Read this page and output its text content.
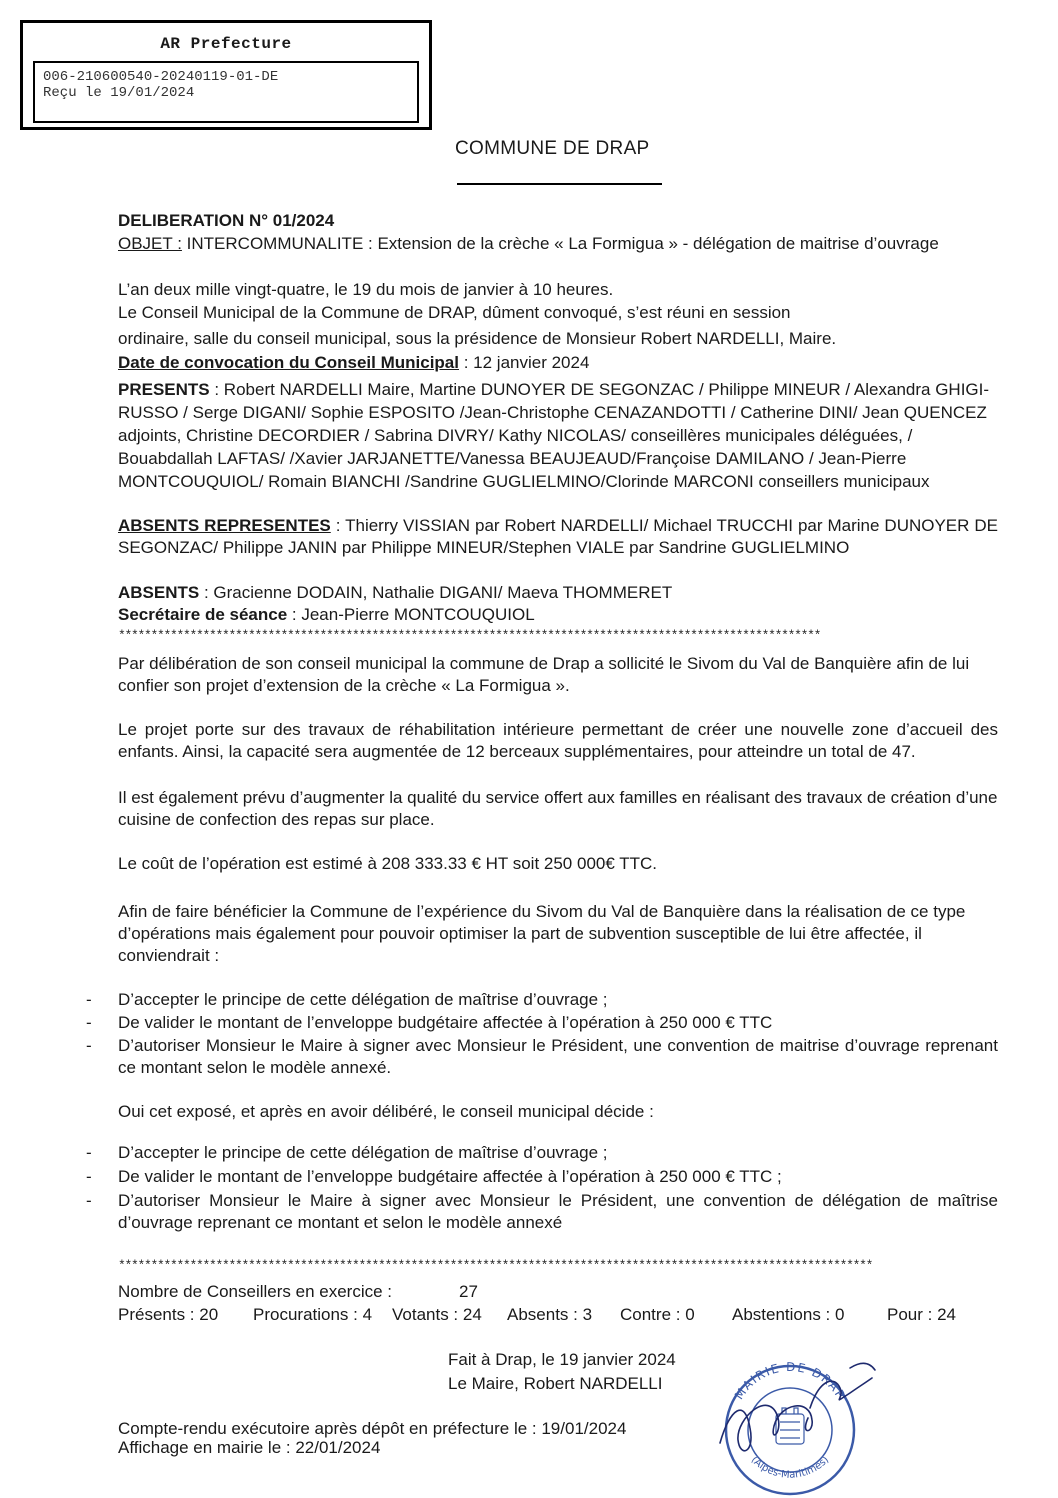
AR Prefecture
006-210600540-20240119-01-DE
Reçu le 19/01/2024
COMMUNE DE DRAP
DELIBERATION N° 01/2024
OBJET : INTERCOMMUNALITE : Extension de la crèche « La Formigua » - délégation de maitrise d’ouvrage
L’an deux mille vingt-quatre, le 19 du mois de janvier à 10 heures.
Le Conseil Municipal de la Commune de DRAP, dûment convoqué, s’est réuni en session
ordinaire, salle du conseil municipal, sous la présidence de Monsieur Robert NARDELLI, Maire.
Date de convocation du Conseil Municipal : 12 janvier 2024
PRESENTS : Robert NARDELLI Maire, Martine DUNOYER DE SEGONZAC / Philippe MINEUR / Alexandra GHIGI-RUSSO / Serge DIGANI/ Sophie ESPOSITO /Jean-Christophe CENAZANDOTTI / Catherine DINI/ Jean QUENCEZ adjoints, Christine DECORDIER / Sabrina DIVRY/ Kathy NICOLAS/ conseillères municipales déléguées, / Bouabdallah LAFTAS/ /Xavier JARJANETTE/Vanessa BEAUJEAUD/Françoise DAMILANO / Jean-Pierre MONTCOUQUIOL/ Romain BIANCHI /Sandrine GUGLIELMINO/Clorinde MARCONI conseillers municipaux
ABSENTS REPRESENTES : Thierry VISSIAN par Robert NARDELLI/ Michael TRUCCHI par Marine DUNOYER DE SEGONZAC/ Philippe JANIN par Philippe MINEUR/Stephen VIALE par Sandrine GUGLIELMINO
ABSENTS : Gracienne DODAIN, Nathalie DIGANI/ Maeva THOMMERET
Secrétaire de séance : Jean-Pierre MONTCOUQUIOL
************************************************************************************************************
Par délibération de son conseil municipal la commune de Drap a sollicité le Sivom du Val de Banquière afin de lui confier son projet d’extension de la crèche « La Formigua ».
Le projet porte sur des travaux de réhabilitation intérieure permettant de créer une nouvelle zone d’accueil des enfants. Ainsi, la capacité sera augmentée de 12 berceaux supplémentaires, pour atteindre un total de 47.
Il est également prévu d’augmenter la qualité du service offert aux familles en réalisant des travaux de création d’une cuisine de confection des repas sur place.
Le coût de l’opération est estimé à 208 333.33 € HT soit 250 000€ TTC.
Afin de faire bénéficier la Commune de l’expérience du Sivom du Val de Banquière dans la réalisation de ce type d’opérations mais également pour pouvoir optimiser la part de subvention susceptible de lui être affectée, il conviendrait :
- D’accepter le principe de cette délégation de maîtrise d’ouvrage ;
- De valider le montant de l’enveloppe budgétaire affectée à l’opération à 250 000 € TTC
- D’autoriser Monsieur le Maire à signer avec Monsieur le Président, une convention de maitrise d’ouvrage reprenant ce montant selon le modèle annexé.
Oui cet exposé, et après en avoir délibéré, le conseil municipal décide :
- D’accepter le principe de cette délégation de maîtrise d’ouvrage ;
- De valider le montant de l’enveloppe budgétaire affectée à l’opération à 250 000 € TTC ;
- D’autoriser Monsieur le Maire à signer avec Monsieur le Président, une convention de délégation de maîtrise d’ouvrage reprenant ce montant et selon le modèle annexé
********************************************************************************************************************
Nombre de Conseillers en exercice :	27
Présents : 20 Procurations : 4 Votants : 24 Absents : 3 Contre : 0 Abstentions : 0	Pour : 24
Fait à Drap, le 19 janvier 2024
Le Maire, Robert NARDELLI
MAIRIE DE DRAP
(Alpes-Maritimes)
Compte-rendu exécutoire après dépôt en préfecture le : 19/01/2024
Affichage en mairie le : 22/01/2024
